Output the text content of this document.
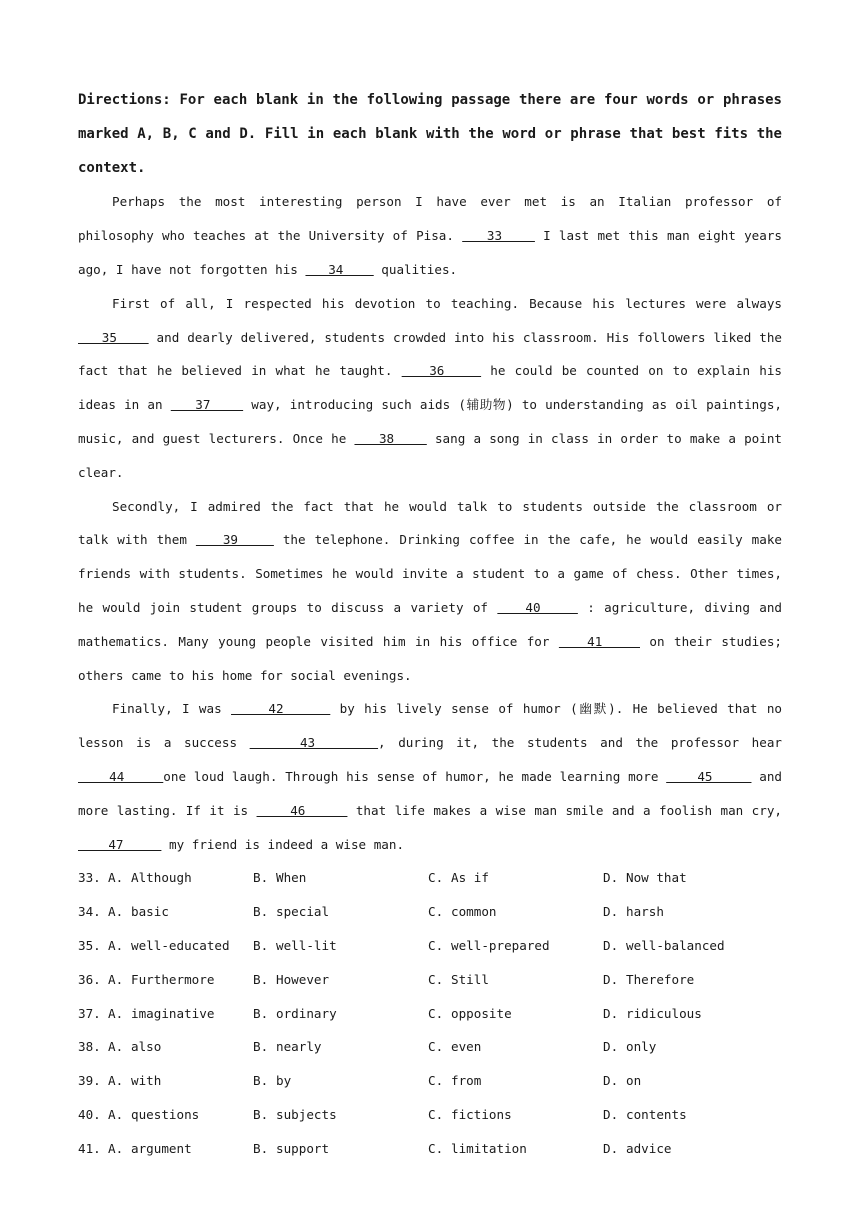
Directions: For each blank in the following passage there are four words or phrases marked A, B, C and D. Fill in each blank with the word or phrase that best fits the context.

Perhaps the most interesting person I have ever met is an Italian professor of philosophy who teaches at the University of Pisa.    33     I last met this man eight years ago, I have not forgotten his    34     qualities.

First of all, I respected his devotion to teaching. Because his lectures were always    35     and dearly delivered, students crowded into his classroom. His followers liked the fact that he believed in what he taught.    36     he could be counted on to explain his ideas in an    37     way, introducing such aids (辅助物) to understanding as oil paintings, music, and guest lecturers. Once he    38     sang a song in class in order to make a point clear.

Secondly, I admired the fact that he would talk to students outside the classroom or talk with them    39     the telephone. Drinking coffee in the cafe, he would easily make friends with students. Sometimes he would invite a student to a game of chess. Other times, he would join student groups to discuss a variety of    40     : agriculture, diving and mathematics. Many young people visited him in his office for    41     on their studies; others came to his home for social evenings.

Finally, I was     42      by his lively sense of humor (幽默). He believed that no lesson is a success     43     , during it, the students and the professor hear     44     one loud laugh. Through his sense of humor, he made learning more     45      and more lasting. If it is     46      that life makes a wise man smile and a foolish man cry,     47      my friend is indeed a wise man.

33. A. Although	B. When	C. As if	D. Now that
34. A. basic	B. special	C. common	D. harsh
35. A. well-educated	B. well-lit	C. well-prepared	D. well-balanced
36. A. Furthermore	B. However	C. Still	D. Therefore
37. A. imaginative	B. ordinary	C. opposite	D. ridiculous
38. A. also	B. nearly	C. even	D. only
39. A. with	B. by	C. from	D. on
40. A. questions	B. subjects	C. fictions	D. contents
41. A. argument	B. support	C. limitation	D. advice
